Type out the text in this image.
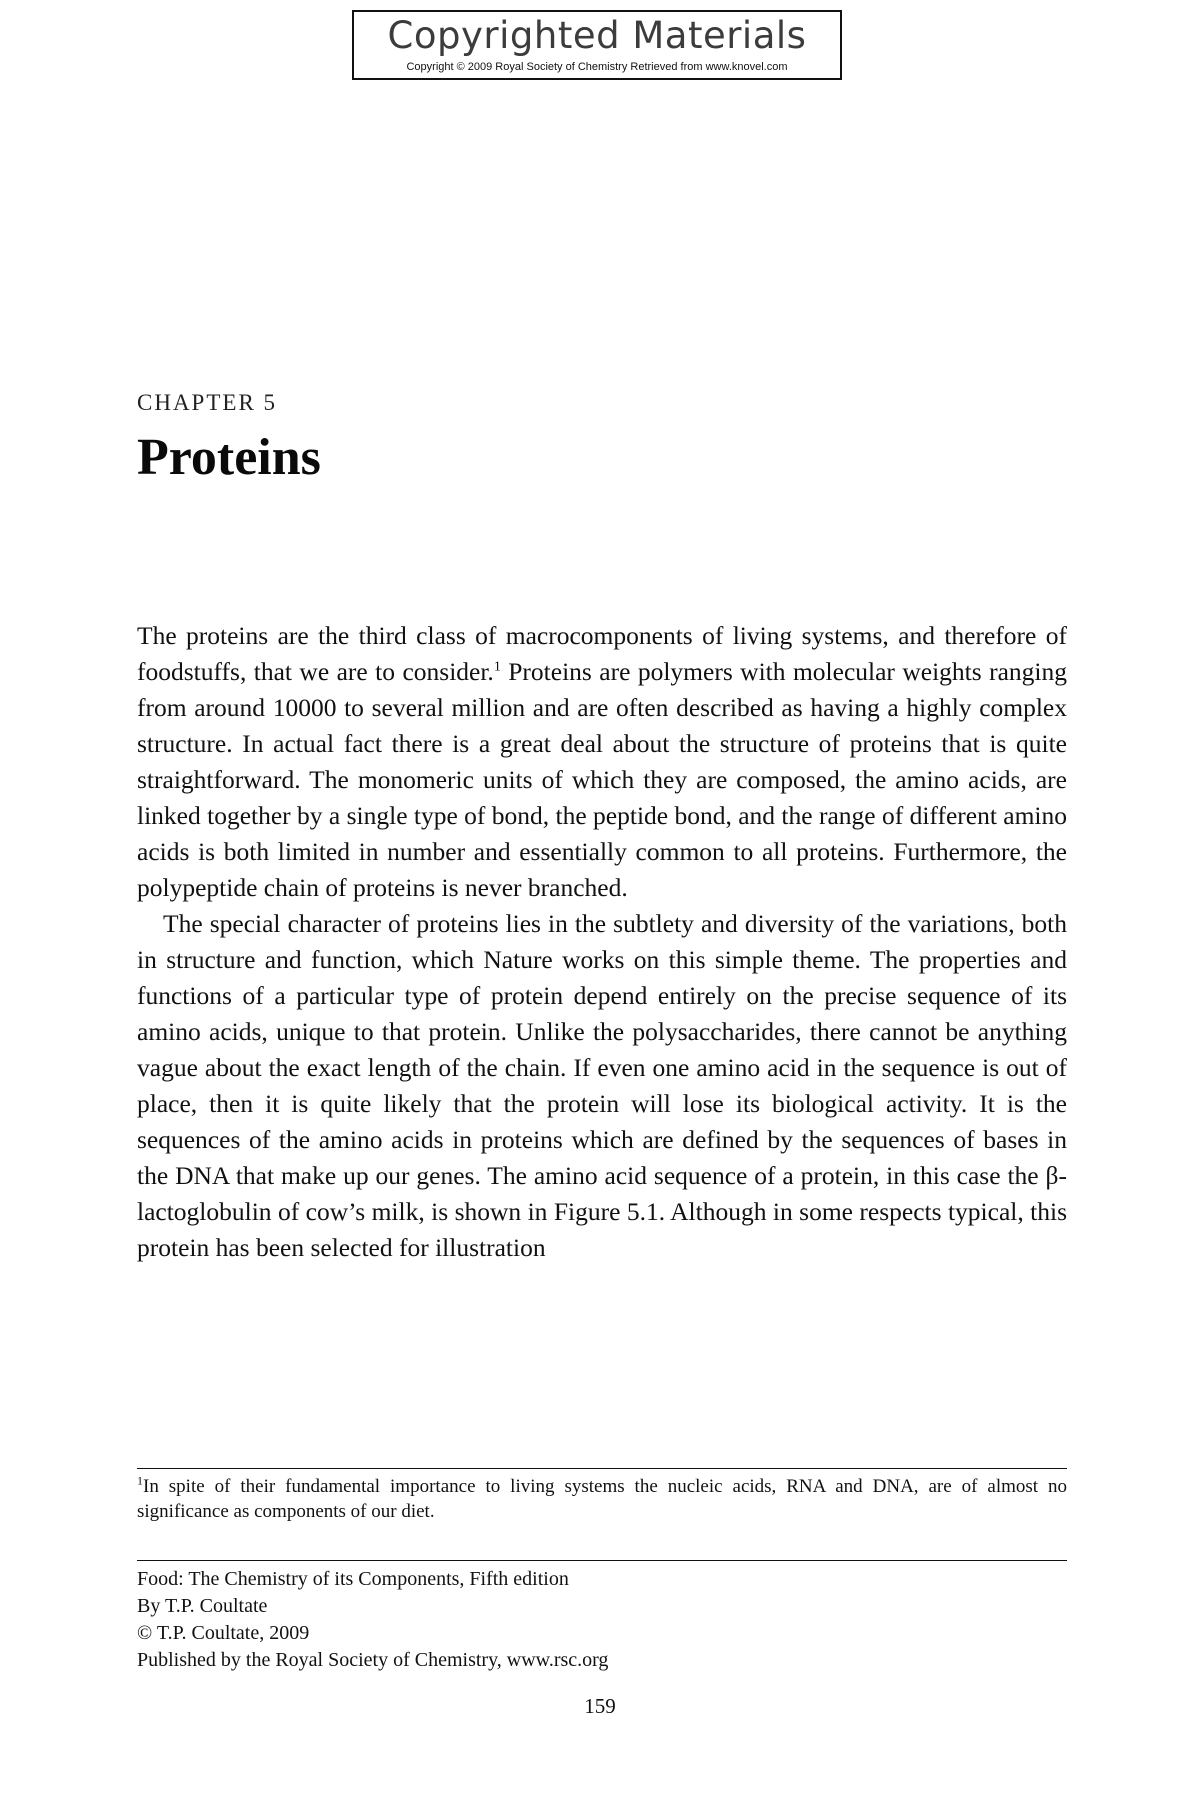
Copyrighted Materials
Copyright © 2009 Royal Society of Chemistry Retrieved from www.knovel.com
CHAPTER 5
Proteins

The proteins are the third class of macrocomponents of living systems, and therefore of foodstuffs, that we are to consider.$^1$ Proteins are polymers with molecular weights ranging from around 10000 to several million and are often described as having a highly complex structure. In actual fact there is a great deal about the structure of proteins that is quite straightforward. The monomeric units of which they are composed, the amino acids, are linked together by a single type of bond, the peptide bond, and the range of different amino acids is both limited in number and essentially common to all proteins. Furthermore, the polypeptide chain of proteins is never branched.

The special character of proteins lies in the subtlety and diversity of the variations, both in structure and function, which Nature works on this simple theme. The properties and functions of a particular type of protein depend entirely on the precise sequence of its amino acids, unique to that protein. Unlike the polysaccharides, there cannot be anything vague about the exact length of the chain. If even one amino acid in the sequence is out of place, then it is quite likely that the protein will lose its biological activity. It is the sequences of the amino acids in proteins which are defined by the sequences of bases in the DNA that make up our genes. The amino acid sequence of a protein, in this case the β-lactoglobulin of cow’s milk, is shown in Figure 5.1. Although in some respects typical, this protein has been selected for illustration

$^1$In spite of their fundamental importance to living systems the nucleic acids, RNA and DNA, are of almost no significance as components of our diet.
Food: The Chemistry of its Components, Fifth edition
By T.P. Coultate
© T.P. Coultate, 2009
Published by the Royal Society of Chemistry, www.rsc.org
159
